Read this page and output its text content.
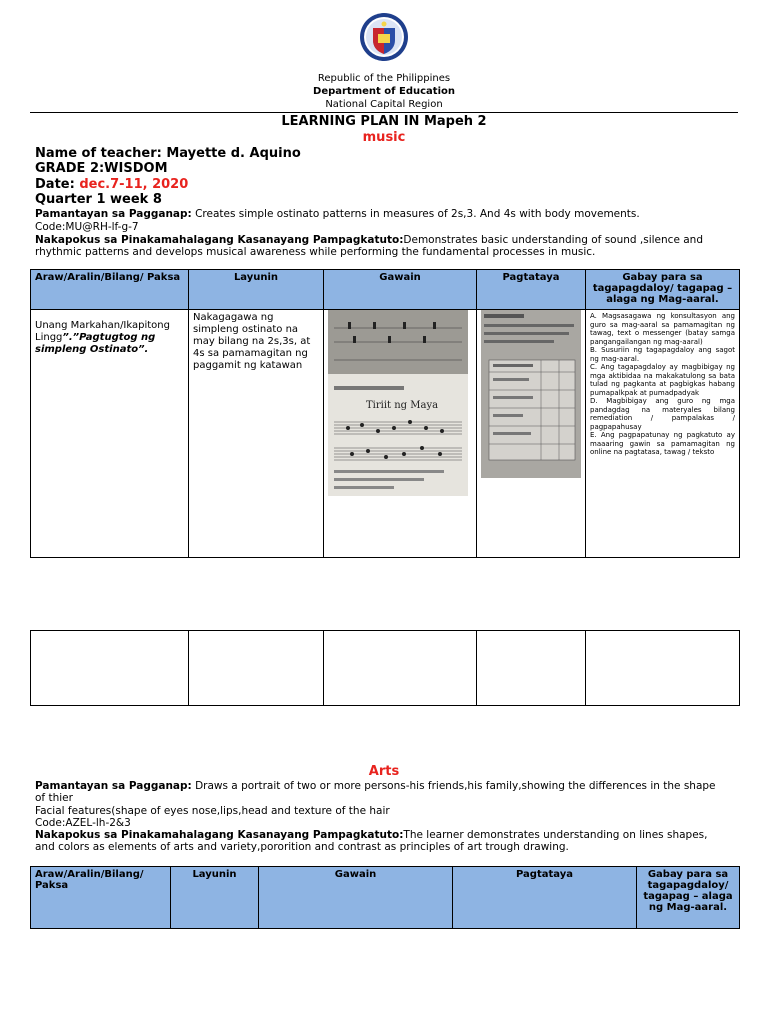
Republic of the Philippines
Department of Education
National Capital Region
LEARNING PLAN IN Mapeh 2
music
Name of teacher: Mayette d. Aquino
GRADE 2:WISDOM
Date: dec.7-11, 2020
Quarter 1 week 8
Pamantayan sa Pagganap: Creates simple ostinato patterns in measures of 2s,3. And 4s with body movements.
Code:MU@RH-lf-g-7
Nakapokus sa Pinakamahalagang Kasanayang Pampagkatuto:Demonstrates basic understanding of sound ,silence and rhythmic patterns and develops musical awareness while performing the fundamental processes in music.
Araw/Aralin/Bilang/ Paksa	Layunin	Gawain	Pagtataya	Gabay para sa tagapagdaloy/ tagapag –alaga ng Mag-aaral.

Unang Markahan/Ikapitong Lingg”.”Pagtugtog ng simpleng Ostinato”.	Nakagagawa ng simpleng ostinato na may bilang na 2s,3s, at 4s sa pamamagitan ng paggamit ng katawan	Tiriit ng Maya		A. Magsasagawa ng konsultasyon ang guro sa mag-aaral sa pamamagitan ng tawag, text o messenger (batay samga pangangailangan ng mag-aaral)
B. Susuriin ng tagapagdaloy ang sagot ng mag-aaral.
C. Ang tagapagdaloy ay magbibigay ng mga aktibidaa na makakatulong sa bata tulad ng pagkanta at pagbigkas habang pumapalkpak at pumadpadyak
D. Magbibigay ang guro ng mga pandagdag na materyales bilang remediation / pampalakas / pagpapahusay
E. Ang pagpapatunay ng pagkatuto ay maaaring gawin sa pamamagitan ng online na pagtatasa, tawag / teksto

Arts
Pamantayan sa Pagganap: Draws a portrait of two or more persons-his friends,his family,showing the differences in the shape of thier
Facial features(shape of eyes nose,lips,head and texture of the hair
Code:AZEL-lh-2&3
Nakapokus sa Pinakamahalagang Kasanayang Pampagkatuto:The learner demonstrates understanding on lines shapes, and colors as elements of arts and variety,pororition and contrast as principles of art trough drawing.
Araw/Aralin/Bilang/ Paksa	Layunin	Gawain	Pagtataya	Gabay para sa tagapagdaloy/ tagapag – alaga ng Mag-aaral.
